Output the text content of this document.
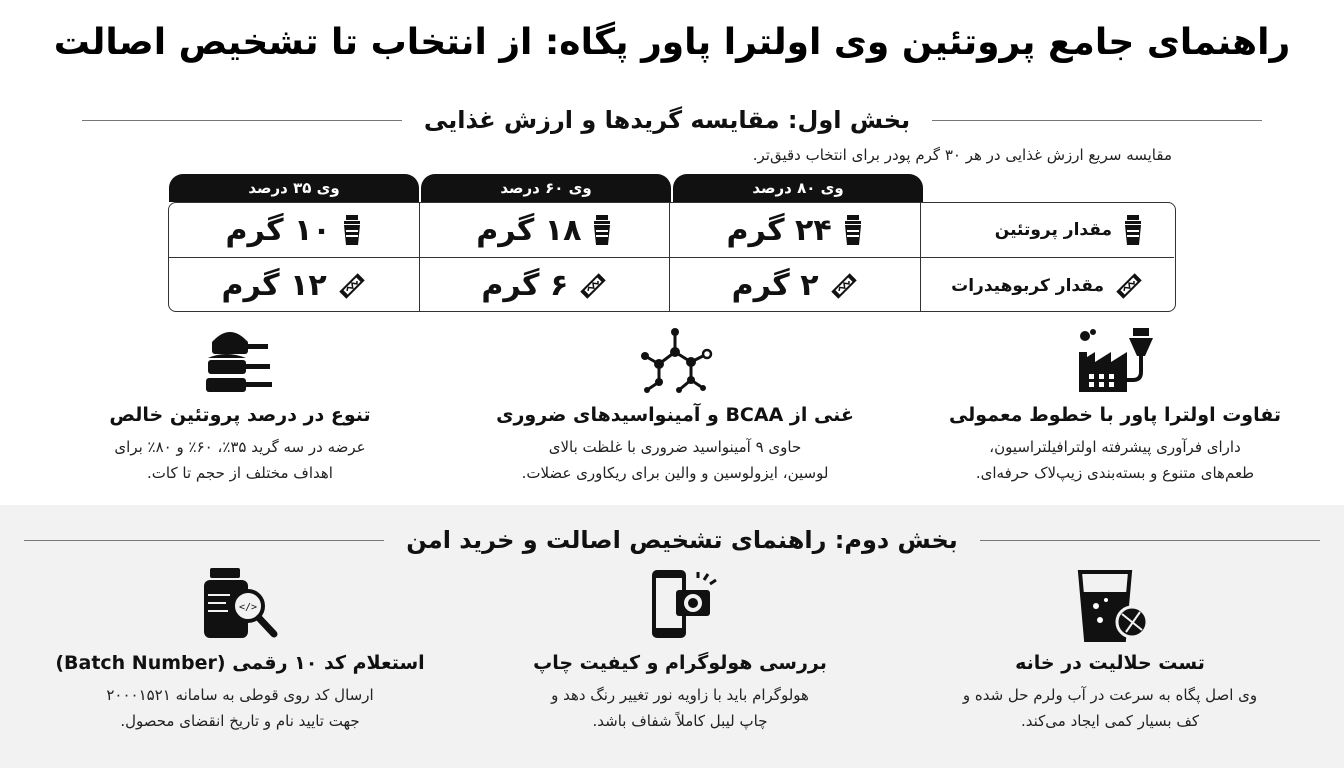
راهنمای جامع پروتئین وی اولترا پاور پگاه: از انتخاب تا تشخیص اصالت
بخش اول: مقایسه گریدها و ارزش غذایی
مقایسه سریع ارزش غذایی در هر ۳۰ گرم پودر برای انتخاب دقیق‌تر.
وی ۸۰ درصد
وی ۶۰ درصد
وی ۳۵ درصد
مقدار پروتئین
۲۴ گرم
۱۸ گرم
۱۰ گرم
مقدار کربوهیدرات
۲ گرم
۶ گرم
۱۲ گرم
تفاوت اولترا پاور با خطوط معمولی

دارای فرآوری پیشرفته اولترافیلتراسیون،
طعم‌های متنوع و بسته‌بندی زیپ‌لاک حرفه‌ای.

غنی از BCAA و آمینواسیدهای ضروری

حاوی ۹ آمینواسید ضروری با غلظت بالای
لوسین، ایزولوسین و والین برای ریکاوری عضلات.

تنوع در درصد پروتئین خالص

عرضه در سه گرید ۳۵٪، ۶۰٪ و ۸۰٪ برای
اهداف مختلف از حجم تا کات.

بخش دوم: راهنمای تشخیص اصالت و خرید امن
تست حلالیت در خانه

وی اصل پگاه به سرعت در آب ولرم حل شده و
کف بسیار کمی ایجاد می‌کند.

بررسی هولوگرام و کیفیت چاپ

هولوگرام باید با زاویه نور تغییر رنگ دهد و
چاپ لیبل کاملاً شفاف باشد.

</>
استعلام کد ۱۰ رقمی (Batch Number)

ارسال کد روی قوطی به سامانه ۲۰۰۰۱۵۲۱
جهت تایید نام و تاریخ انقضای محصول.
